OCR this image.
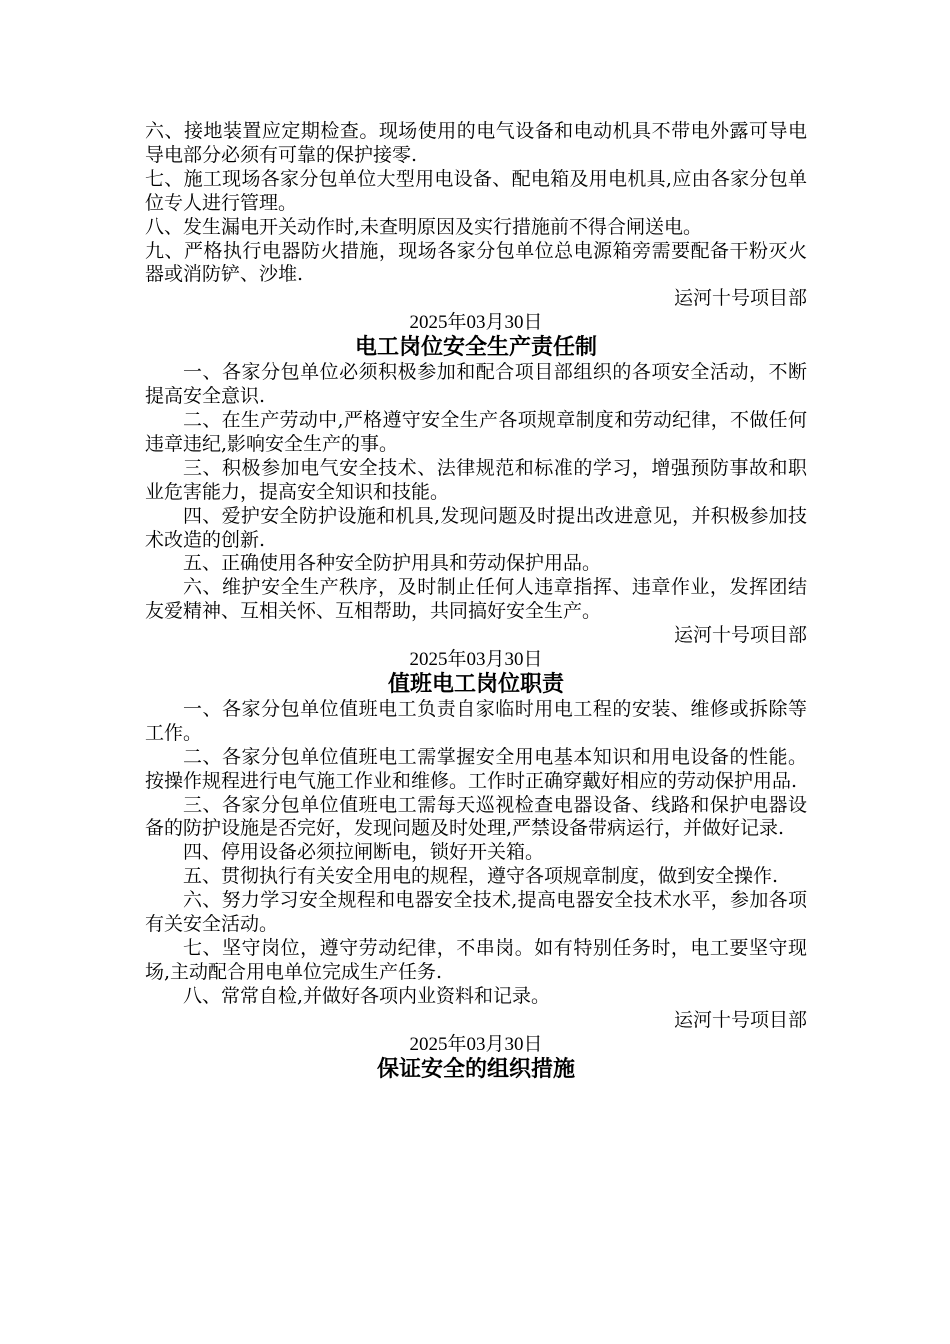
六、接地装置应定期检查。现场使用的电气设备和电动机具不带电外露可导电导电部分必须有可靠的保护接零.

七、施工现场各家分包单位大型用电设备、配电箱及用电机具,应由各家分包单位专人进行管理。

八、发生漏电开关动作时,未查明原因及实行措施前不得合闸送电。

九、严格执行电器防火措施，现场各家分包单位总电源箱旁需要配备干粉灭火器或消防铲、沙堆.

运河十号项目部

2025年03月30日

电工岗位安全生产责任制

一、各家分包单位必须积极参加和配合项目部组织的各项安全活动，不断提高安全意识.

二、在生产劳动中,严格遵守安全生产各项规章制度和劳动纪律，不做任何违章违纪,影响安全生产的事。

三、积极参加电气安全技术、法律规范和标准的学习，增强预防事故和职业危害能力，提高安全知识和技能。

四、爱护安全防护设施和机具,发现问题及时提出改进意见，并积极参加技术改造的创新.

五、正确使用各种安全防护用具和劳动保护用品。

六、维护安全生产秩序，及时制止任何人违章指挥、违章作业，发挥团结友爱精神、互相关怀、互相帮助，共同搞好安全生产。

运河十号项目部

2025年03月30日

值班电工岗位职责

一、各家分包单位值班电工负责自家临时用电工程的安装、维修或拆除等工作。

二、各家分包单位值班电工需掌握安全用电基本知识和用电设备的性能。按操作规程进行电气施工作业和维修。工作时正确穿戴好相应的劳动保护用品.

三、各家分包单位值班电工需每天巡视检查电器设备、线路和保护电器设备的防护设施是否完好，发现问题及时处理,严禁设备带病运行，并做好记录.

四、停用设备必须拉闸断电，锁好开关箱。

五、贯彻执行有关安全用电的规程，遵守各项规章制度，做到安全操作.

六、努力学习安全规程和电器安全技术,提高电器安全技术水平，参加各项有关安全活动。

七、坚守岗位，遵守劳动纪律，不串岗。如有特别任务时，电工要坚守现场,主动配合用电单位完成生产任务.

八、常常自检,并做好各项内业资料和记录。

运河十号项目部

2025年03月30日

保证安全的组织措施
